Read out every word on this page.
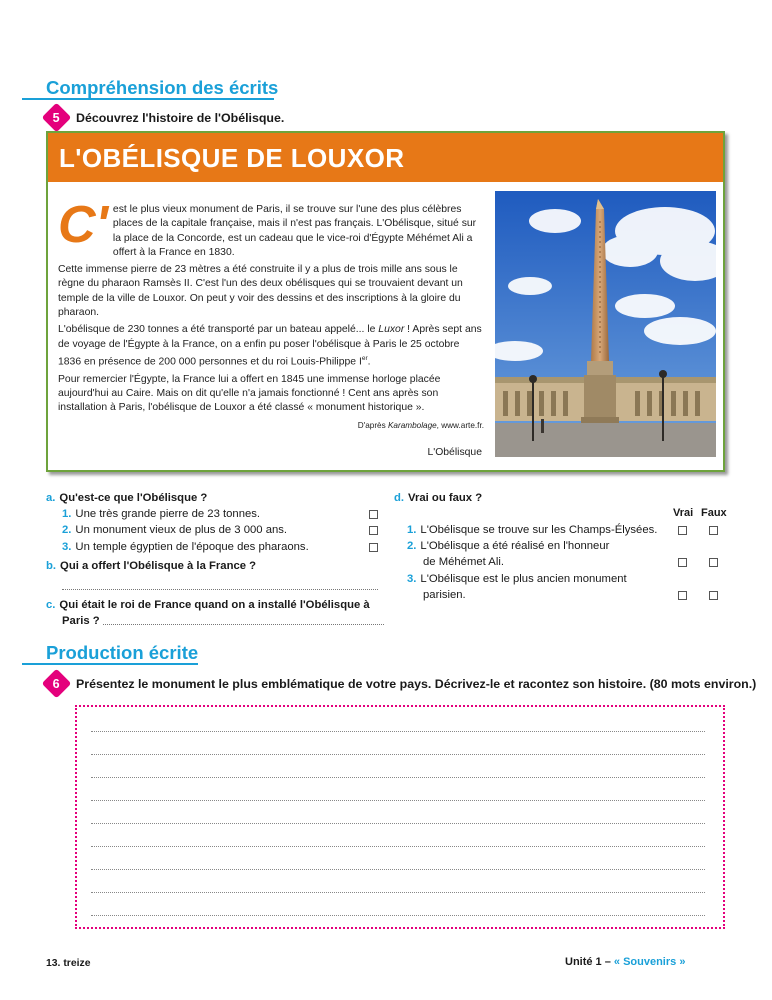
Compréhension des écrits
5 Découvrez l'histoire de l'Obélisque.
L'OBÉLISQUE DE LOUXOR

C' est le plus vieux monument de Paris, il se trouve sur l'une des plus célèbres places de la capitale française, mais il n'est pas français. L'Obélisque, situé sur la place de la Concorde, est un cadeau que le vice-roi d'Égypte Méhémet Ali a offert à la France en 1830.

Cette immense pierre de 23 mètres a été construite il y a plus de trois mille ans sous le règne du pharaon Ramsès II. C'est l'un des deux obélisques qui se trouvaient devant un temple de la ville de Louxor. On peut y voir des dessins et des inscriptions à la gloire du pharaon.

L'obélisque de 230 tonnes a été transporté par un bateau appelé... le Luxor ! Après sept ans de voyage de l'Égypte à la France, on a enfin pu poser l'obélisque à Paris le 25 octobre 1836 en présence de 200 000 personnes et du roi Louis-Philippe Ier.

Pour remercier l'Égypte, la France lui a offert en 1845 une immense horloge placée aujourd'hui au Caire. Mais on dit qu'elle n'a jamais fonctionné ! Cent ans après son installation à Paris, l'obélisque de Louxor a été classé « monument historique ».

D'après Karambolage, www.arte.fr.
L'Obélisque
a. Qu'est-ce que l'Obélisque ?
1. Une très grande pierre de 23 tonnes.
2. Un monument vieux de plus de 3 000 ans.
3. Un temple égyptien de l'époque des pharaons.
b. Qui a offert l'Obélisque à la France ?
c. Qui était le roi de France quand on a installé l'Obélisque à
Paris ?
d. Vrai ou faux ?
Vrai Faux
1. L'Obélisque se trouve sur les Champs-Élysées.
2. L'Obélisque a été réalisé en l'honneur
de Méhémet Ali.
3. L'Obélisque est le plus ancien monument
parisien.
Production écrite
6 Présentez le monument le plus emblématique de votre pays. Décrivez-le et racontez son histoire. (80 mots environ.)
13. treize	Unité 1 – « Souvenirs »
